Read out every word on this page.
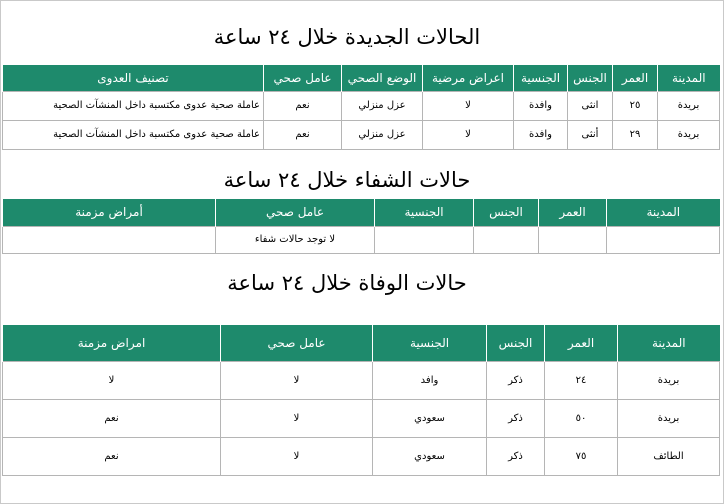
الحالات الجديدة خلال ٢٤ ساعة
المدينة	العمر	الجنس	الجنسية	اعراض مرضية	الوضع الصحي	عامل صحي	تصنيف العدوى
بريدة	٢٥	انثى	وافدة	لا	عزل منزلي	نعم	عاملة صحية عدوى مكتسبة داخل المنشآت الصحية
بريدة	٢٩	أنثى	وافدة	لا	عزل منزلي	نعم	عاملة صحية عدوى مكتسبة داخل المنشآت الصحية
حالات الشفاء خلال ٢٤ ساعة
المدينة	العمر	الجنس	الجنسية	عامل صحي	أمراض مزمنة
				لا توجد حالات شفاء	
حالات الوفاة خلال ٢٤ ساعة
المدينة	العمر	الجنس	الجنسية	عامل صحي	امراض مزمنة
بريدة	٢٤	ذكر	وافد	لا	لا
بريدة	٥٠	ذكر	سعودي	لا	نعم
الطائف	٧٥	ذكر	سعودي	لا	نعم
